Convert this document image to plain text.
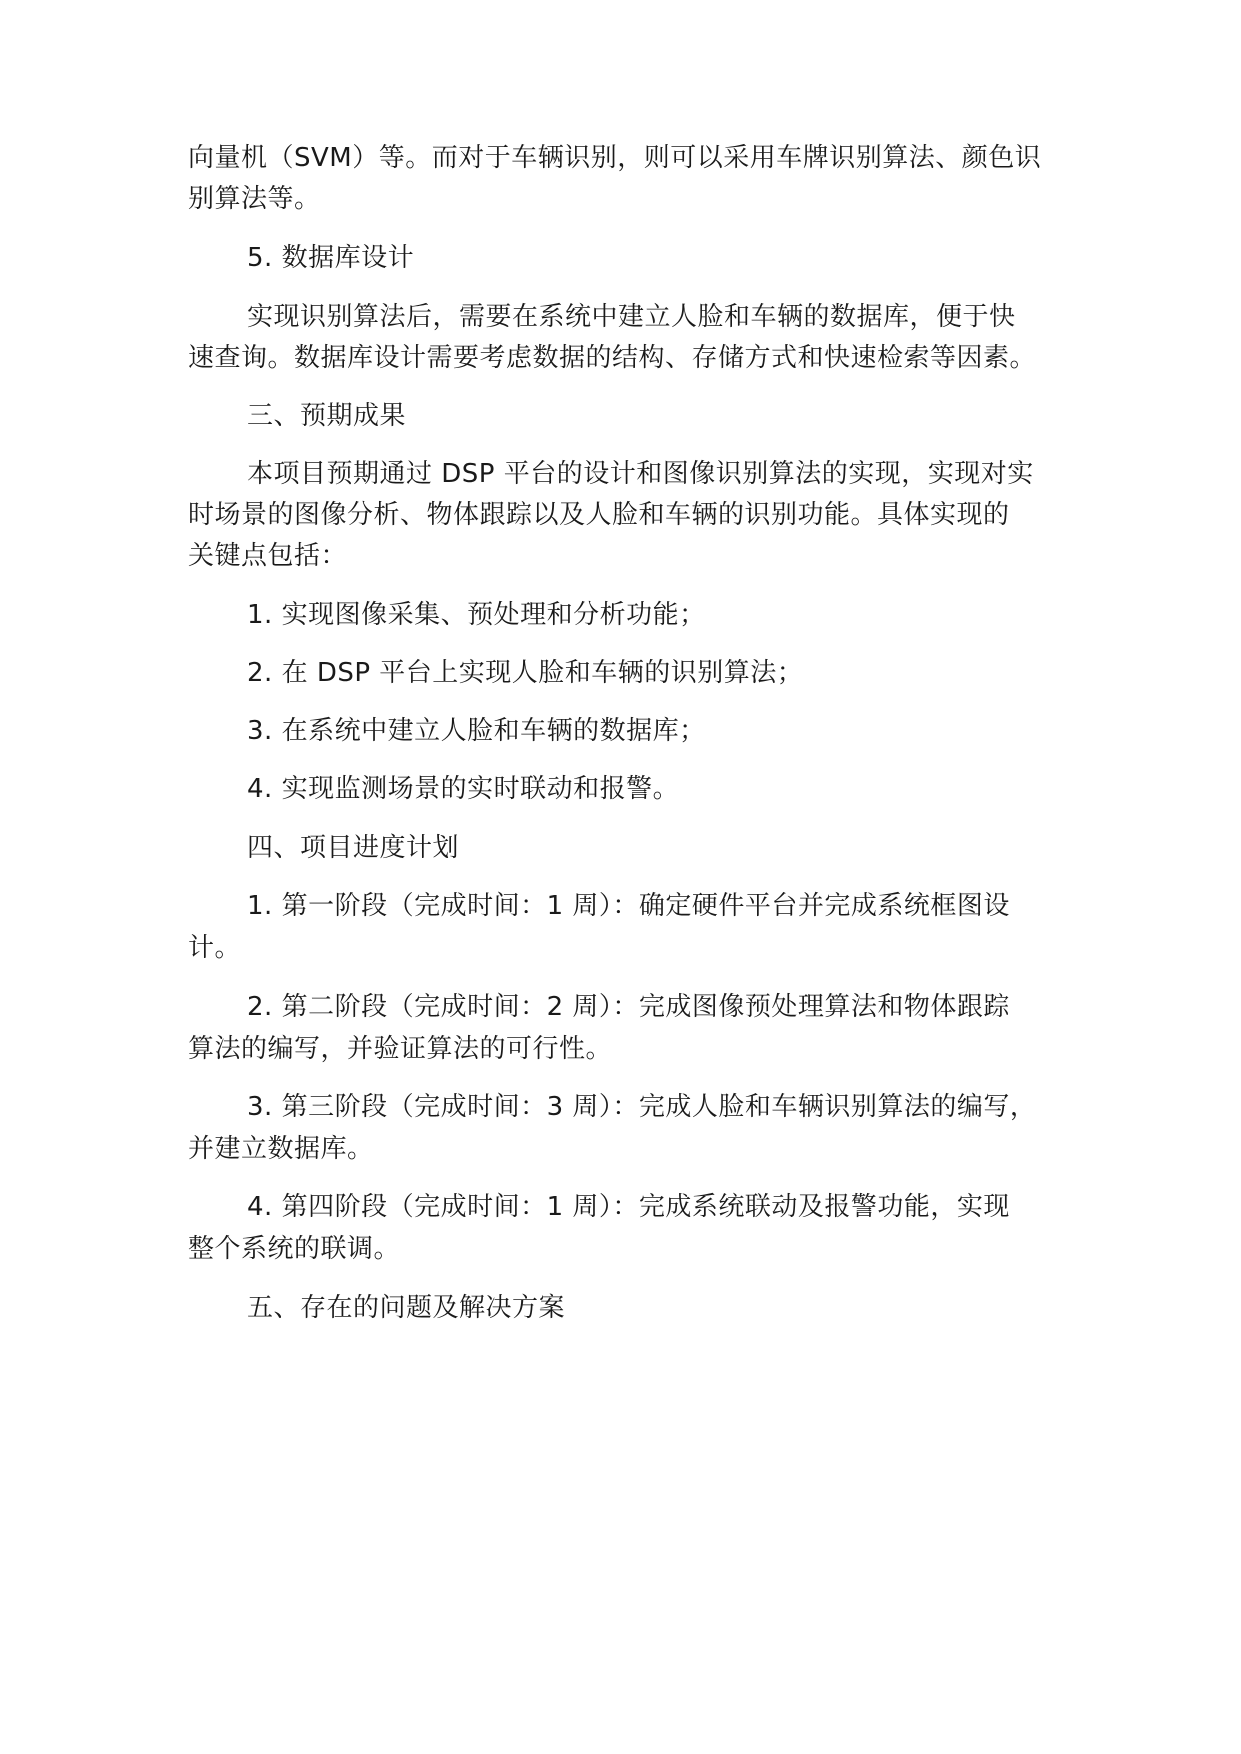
向量机（SVM）等。而对于车辆识别，则可以采用车牌识别算法、颜色识
别算法等。
5. 数据库设计
实现识别算法后，需要在系统中建立人脸和车辆的数据库，便于快
速查询。数据库设计需要考虑数据的结构、存储方式和快速检索等因素。
三、预期成果
本项目预期通过 DSP 平台的设计和图像识别算法的实现，实现对实
时场景的图像分析、物体跟踪以及人脸和车辆的识别功能。具体实现的
关键点包括：
1. 实现图像采集、预处理和分析功能；
2. 在 DSP 平台上实现人脸和车辆的识别算法；
3. 在系统中建立人脸和车辆的数据库；
4. 实现监测场景的实时联动和报警。
四、项目进度计划
1. 第一阶段（完成时间：1 周）：确定硬件平台并完成系统框图设
计。
2. 第二阶段（完成时间：2 周）：完成图像预处理算法和物体跟踪
算法的编写，并验证算法的可行性。
3. 第三阶段（完成时间：3 周）：完成人脸和车辆识别算法的编写，
并建立数据库。
4. 第四阶段（完成时间：1 周）：完成系统联动及报警功能，实现
整个系统的联调。
五、存在的问题及解决方案
